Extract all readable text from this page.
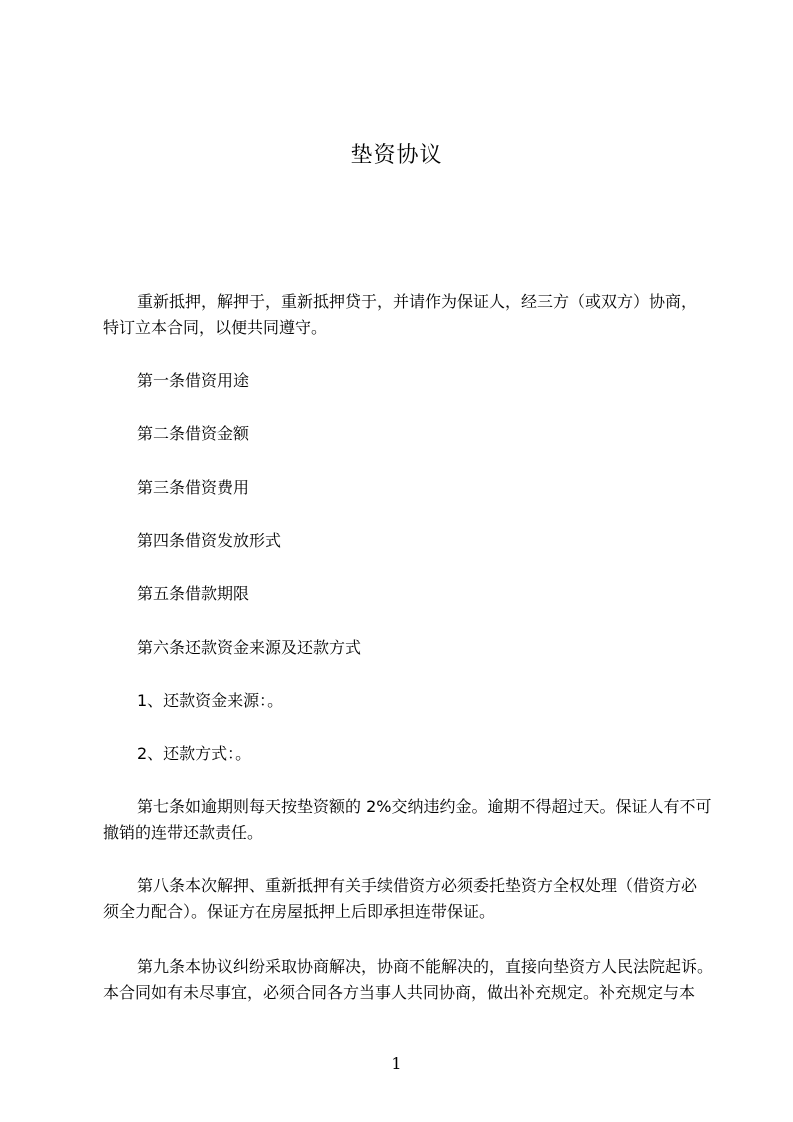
垫资协议
重新抵押，解押于，重新抵押贷于，并请作为保证人，经三方（或双方）协商，
特订立本合同，以便共同遵守。
第一条借资用途
第二条借资金额
第三条借资费用
第四条借资发放形式
第五条借款期限
第六条还款资金来源及还款方式
1、还款资金来源：。
2、还款方式：。
第七条如逾期则每天按垫资额的 2%交纳违约金。逾期不得超过天。保证人有不可
撤销的连带还款责任。
第八条本次解押、重新抵押有关手续借资方必须委托垫资方全权处理（借资方必
须全力配合）。保证方在房屋抵押上后即承担连带保证。
第九条本协议纠纷采取协商解决，协商不能解决的，直接向垫资方人民法院起诉。
本合同如有未尽事宜，必须合同各方当事人共同协商，做出补充规定。补充规定与本
1
